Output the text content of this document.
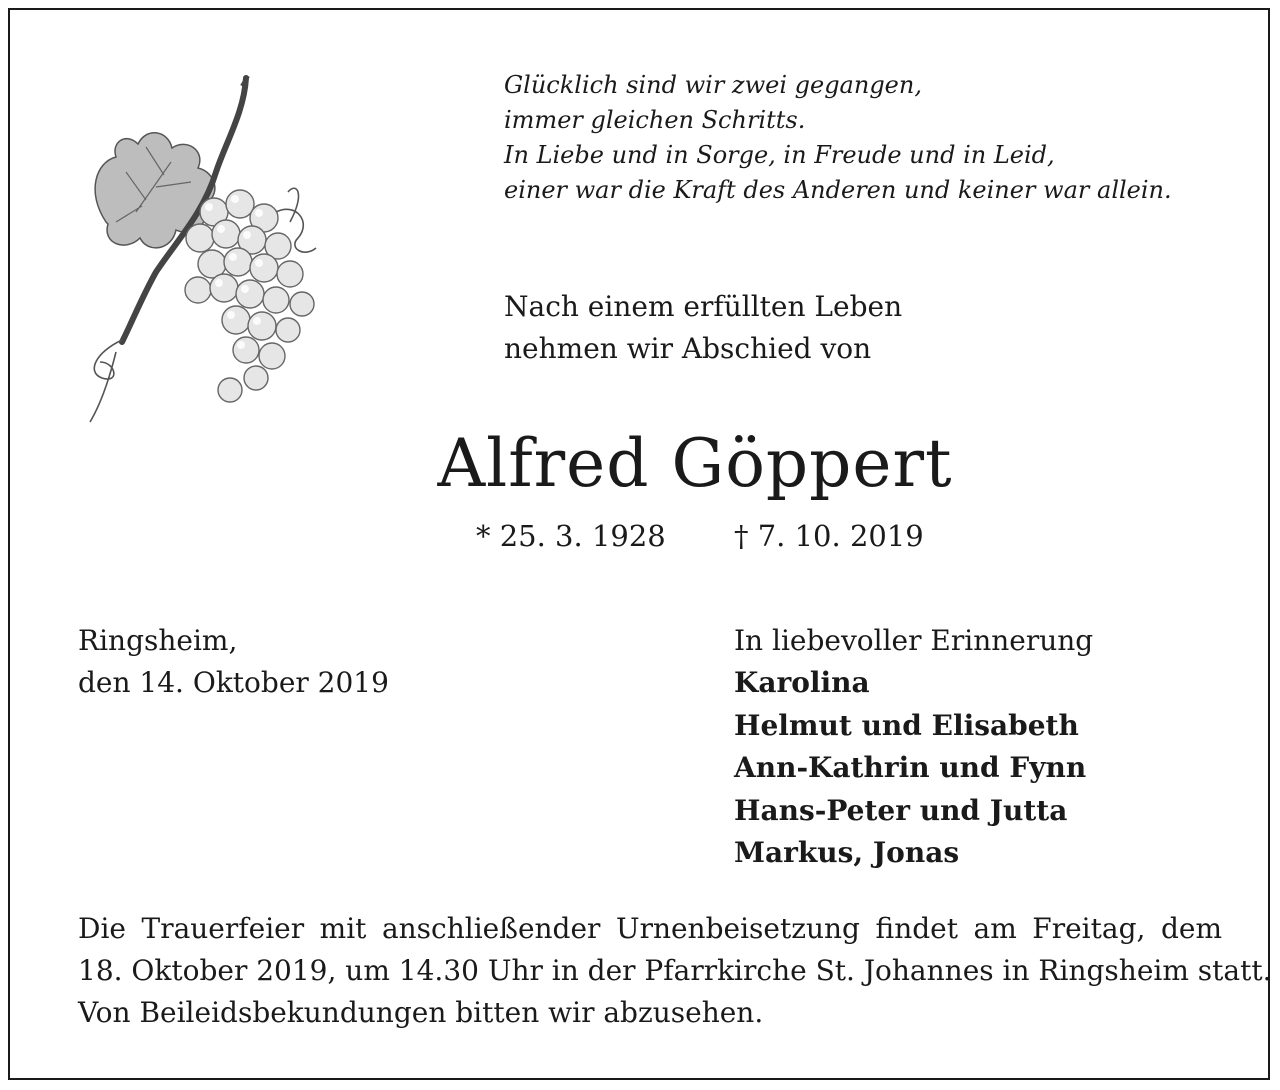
Glücklich sind wir zwei gegangen,
immer gleichen Schritts.
In Liebe und in Sorge, in Freude und in Leid,
einer war die Kraft des Anderen und keiner war allein.
Nach einem erfüllten Leben
nehmen wir Abschied von
Alfred Göppert
* 25. 3. 1928 † 7. 10. 2019
Ringsheim,
den 14. Oktober 2019
In liebevoller Erinnerung
Karolina
Helmut und Elisabeth
Ann-Kathrin und Fynn
Hans-Peter und Jutta
Markus, Jonas
Die Trauerfeier mit anschließender Urnenbeisetzung findet am Freitag, dem
18. Oktober 2019, um 14.30 Uhr in der Pfarrkirche St. Johannes in Ringsheim statt.
Von Beileidsbekundungen bitten wir abzusehen.
